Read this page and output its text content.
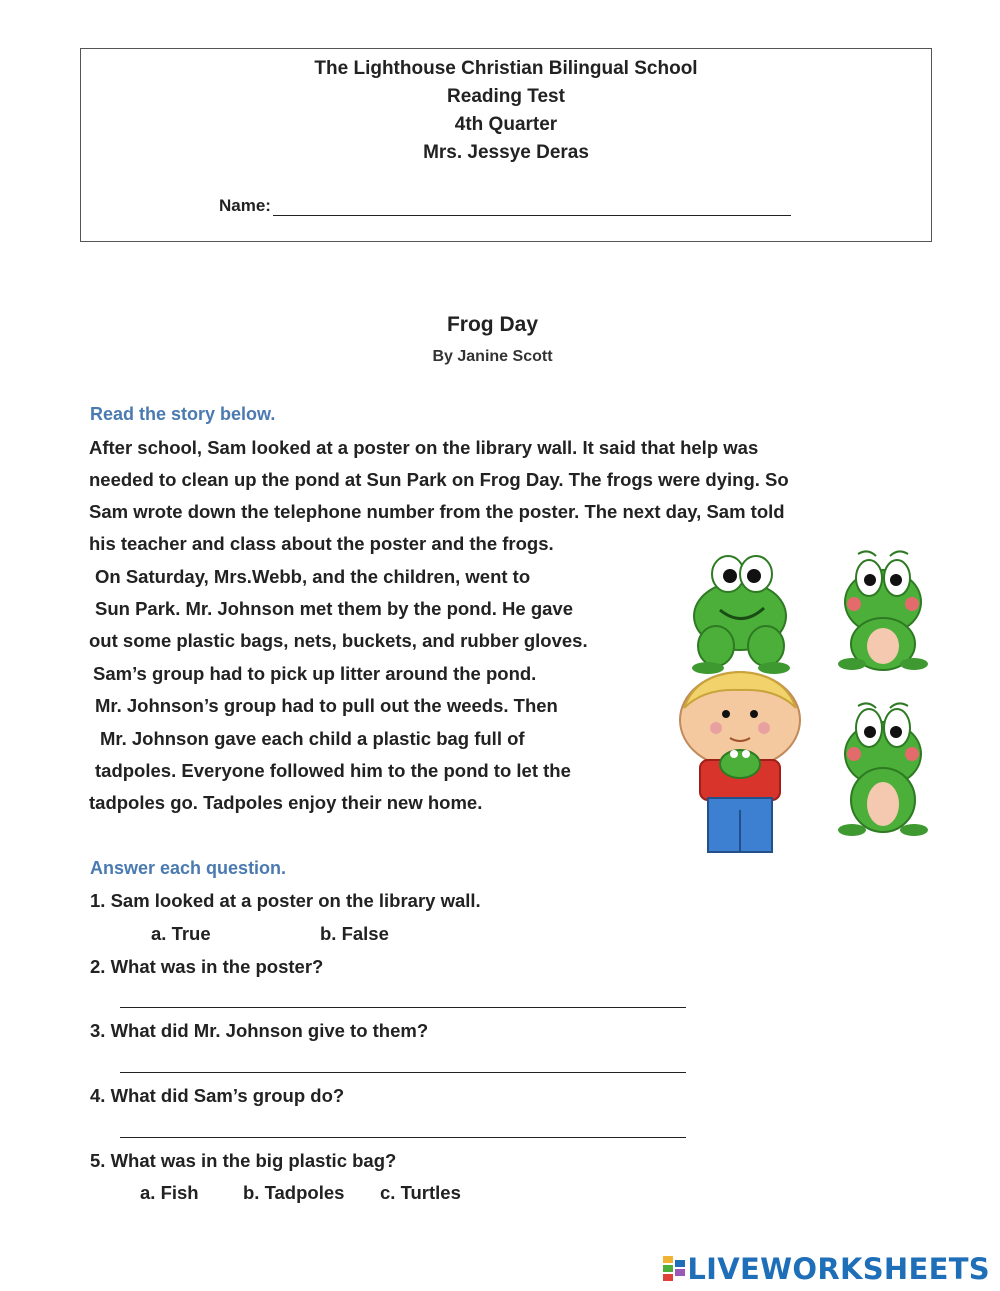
The Lighthouse Christian Bilingual School
Reading Test
4th Quarter
Mrs. Jessye Deras
Name:
Frog Day
By Janine Scott
Read the story below.
After school, Sam looked at a poster on the library wall. It said that help was
needed to clean up the pond at Sun Park on Frog Day. The frogs were dying. So
Sam wrote down the telephone number from the poster. The next day, Sam told
his teacher and class about the poster and the frogs.
On Saturday, Mrs.Webb, and the children, went to
Sun Park. Mr. Johnson met them by the pond. He gave
out some plastic bags, nets, buckets, and rubber gloves.
Sam’s group had to pick up litter around the pond.
Mr. Johnson’s group had to pull out the weeds. Then
Mr. Johnson gave each child a plastic bag full of
tadpoles. Everyone followed him to the pond to let the
tadpoles go. Tadpoles enjoy their new home.
Answer each question.
1. Sam looked at a poster on the library wall.
a. True	b. False
2. What was in the poster?
3. What did Mr. Johnson give to them?
4. What did Sam’s group do?
5. What was in the big plastic bag?
a. Fish b. Tadpoles c. Turtles
LIVEWORKSHEETS
